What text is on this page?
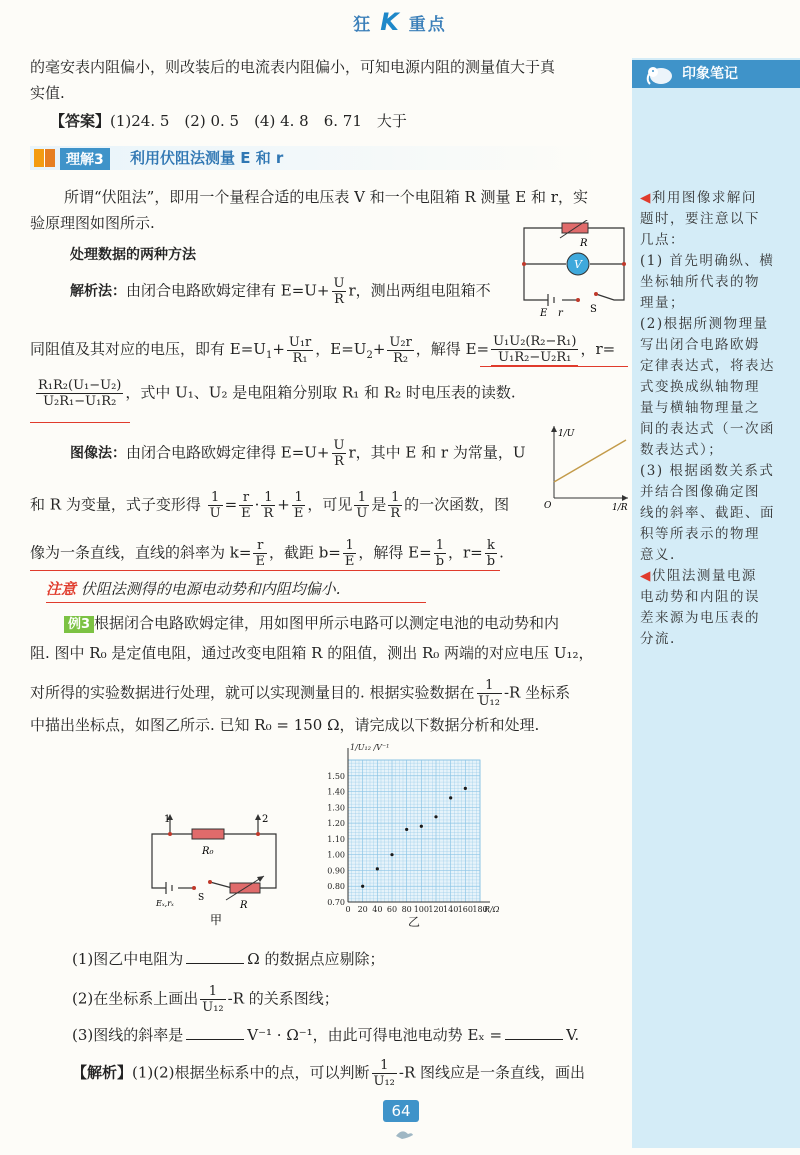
狂 K 重点
印象笔记
◀利用图像求解问
题时，要注意以下
几点：
(1) 首先明确纵、横
坐标轴所代表的物
理量；
(2)根据所测物理量
写出闭合电路欧姆
定律表达式，将表达
式变换成纵轴物理
量与横轴物理量之
间的表达式（一次函
数表达式）；
(3) 根据函数关系式
并结合图像确定图
线的斜率、截距、面
积等所表示的物理
意义.
◀伏阻法测量电源
电动势和内阻的误
差来源为电压表的
分流.
的毫安表内阻偏小，则改装后的电流表内阻偏小，可知电源内阻的测量值大于真
实值.
【答案】(1)24. 5　(2) 0. 5　(4) 4. 8　6. 71　大于
理解3	利用伏阻法测量 E 和 r
所谓“伏阻法”，即用一个量程合适的电压表 V 和一个电阻箱 R 测量 E 和 r，实
验原理图如图所示.
处理数据的两种方法
V
R
E r	S
解析法：由闭合电路欧姆定律有 $E=U+ \frac{U}{R}$ r，测出两组电阻箱不
同阻值及其对应的电压，即有 $E=U_1+ \frac{\text{U₁r}}{\text{R₁}}$ ，$E=U_2+ \frac{\text{U₂r}}{\text{R₂}}$ ，解得 $E= \frac{\text{U₁U₂(R₂−R₁)}}{\text{U₁R₂−U₂R₁}}$ ，r=
$\frac{\text{R₁R₂(U₁−U₂)}}{\text{U₂R₁−U₁R₂}}$ ，式中 U₁、U₂ 是电阻箱分别取 R₁ 和 R₂ 时电压表的读数.
1/U
1/R
O
图像法：由闭合电路欧姆定律得 $E=U+ \frac{U}{R}$ r，其中 E 和 r 为常量，U
和 R 为变量，式子变形得 $\frac{1}{U} = \frac{r}{E} \cdot \frac{1}{R} + \frac{1}{E}$ ，可见 $\frac{1}{U}$ 是 $\frac{1}{R}$ 的一次函数，图
像为一条直线，直线的斜率为 $k= \frac{r}{E}$ ，截距 $b= \frac{1}{E}$ ，解得 $E= \frac{1}{b}$ ，$r= \frac{k}{b}$ .
注意 伏阻法测得的电源电动势和内阻均偏小.
例3 根据闭合电路欧姆定律，用如图甲所示电路可以测定电池的电动势和内
阻. 图中 R₀ 是定值电阻，通过改变电阻箱 R 的阻值，测出 R₀ 两端的对应电压 U₁₂，
对所得的实验数据进行处理，就可以实现测量目的. 根据实验数据在 $\frac{1}{\text{U₁₂}} -R$ 坐标系
中描出坐标点，如图乙所示. 已知 R₀ = 150 Ω，请完成以下数据分析和处理.
1	2
R₀
Eₓ,rₓ
S
R
甲
0 20 40 60 80 100 120 140 160 180
0.70
0.80
0.90
1.00
1.10
1.20
1.30
1.40
1.50
R/Ω
1/U₁₂ /V⁻¹
乙
(1)图乙中电阻为	Ω 的数据点应剔除；
(2)在坐标系上画出 $\frac{1}{\text{U₁₂}} -R$ 的关系图线；
(3)图线的斜率是	V⁻¹ · Ω⁻¹，由此可得电池电动势 Eₓ =	V.
【解析】(1)(2)根据坐标系中的点，可以判断 $\frac{1}{\text{U₁₂}} -R$ 图线应是一条直线，画出
64
